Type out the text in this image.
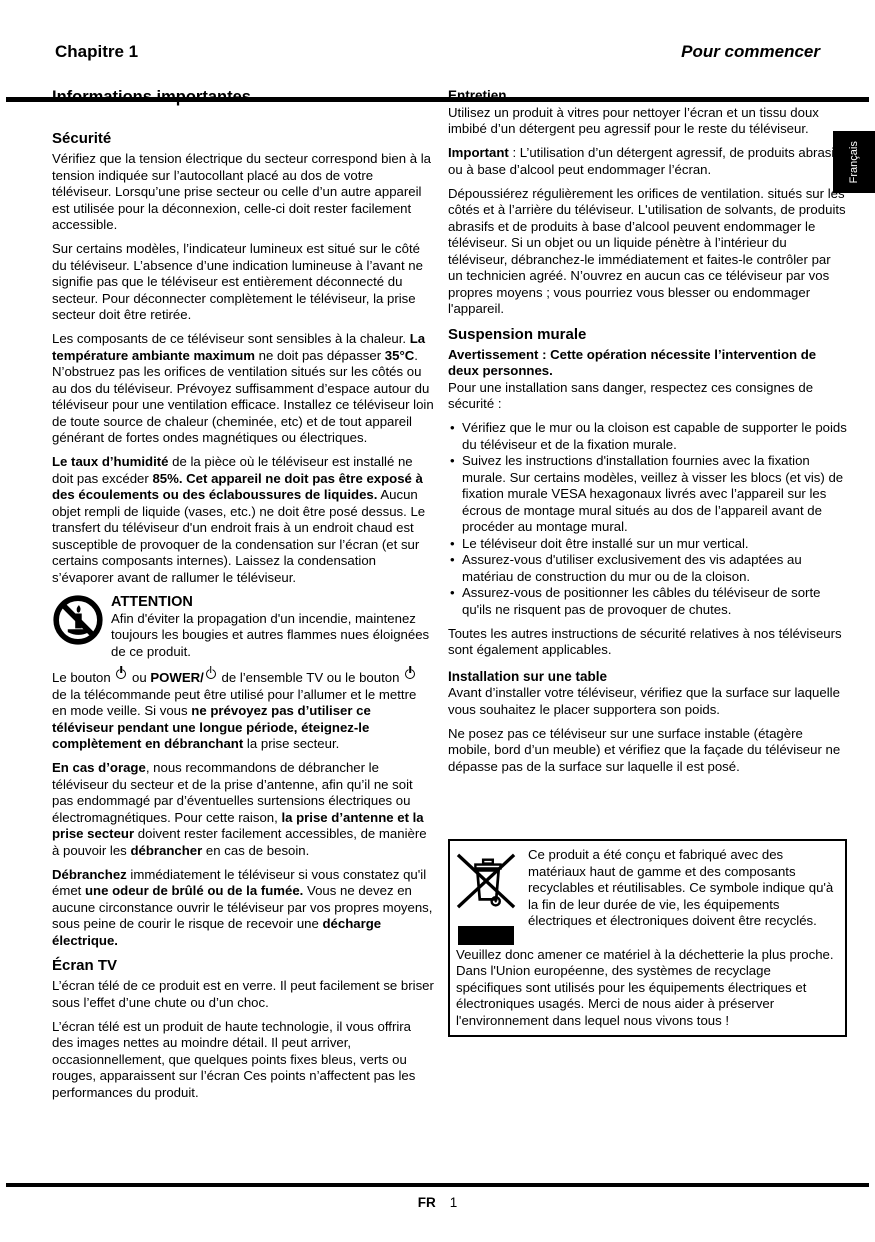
Chapitre 1	Pour commencer
Français
Informations importantes
Sécurité

Vérifiez que la tension électrique du secteur correspond bien à la tension indiquée sur l’autocollant placé au dos de votre téléviseur. Lorsqu’une prise secteur ou celle d’un autre appareil est utilisée pour la déconnexion, celle-ci doit rester facilement accessible.

Sur certains modèles, l’indicateur lumineux est situé sur le côté du téléviseur. L’absence d’une indication lumineuse à l’avant ne signifie pas que le téléviseur est entièrement déconnecté du secteur. Pour déconnecter complètement le téléviseur, la prise secteur doit être retirée.

Les composants de ce téléviseur sont sensibles à la chaleur. La température ambiante maximum ne doit pas dépasser 35°C. N’obstruez pas les orifices de ventilation situés sur les côtés ou au dos du téléviseur. Prévoyez suffisamment d’espace autour du téléviseur pour une ventilation efficace. Installez ce téléviseur loin de toute source de chaleur (cheminée, etc) et de tout appareil générant de fortes ondes magnétiques ou électriques.

Le taux d’humidité de la pièce où le téléviseur est installé ne doit pas excéder 85%. Cet appareil ne doit pas être exposé à des écoulements ou des éclaboussures de liquides. Aucun objet rempli de liquide (vases, etc.) ne doit être posé dessus. Le transfert du téléviseur d'un endroit frais à un endroit chaud est susceptible de provoquer de la condensation sur l’écran (et sur certains composants internes). Laissez la condensation s’évaporer avant de rallumer le téléviseur.

ATTENTION

Afin d'éviter la propagation d'un incendie, maintenez toujours les bougies et autres flammes nues éloignées de ce produit.

Le bouton  ou POWER/ de l’ensemble TV ou le bouton  de la télécommande peut être utilisé pour l’allumer et le mettre en mode veille. Si vous ne prévoyez pas d’utiliser ce téléviseur pendant une longue période, éteignez-le complètement en débranchant la prise secteur.

En cas d’orage, nous recommandons de débrancher le téléviseur du secteur et de la prise d’antenne, afin qu’il ne soit pas endommagé par d’éventuelles surtensions électriques ou électromagnétiques. Pour cette raison, la prise d’antenne et la prise secteur doivent rester facilement accessibles, de manière à pouvoir les débrancher en cas de besoin.

Débranchez immédiatement le téléviseur si vous constatez qu'il émet une odeur de brûlé ou de la fumée. Vous ne devez en aucune circonstance ouvrir le téléviseur par vos propres moyens, sous peine de courir le risque de recevoir une décharge électrique.

Écran TV

L’écran télé de ce produit est en verre. Il peut facilement se briser sous l’effet d’une chute ou d’un choc.

L’écran télé est un produit de haute technologie, il vous offrira des images nettes au moindre détail. Il peut arriver, occasionnellement, que quelques points fixes bleus, verts ou rouges, apparaissent sur l’écran Ces points n’affectent pas les performances du produit.

Entretien

Utilisez un produit à vitres pour nettoyer l’écran et un tissu doux imbibé d’un détergent peu agressif pour le reste du téléviseur.

Important : L’utilisation d’un détergent agressif, de produits abrasifs ou à base d’alcool peut endommager l’écran.

Dépoussiérez régulièrement les orifices de ventilation. situés sur les côtés et à l’arrière du téléviseur. L'utilisation de solvants, de produits abrasifs et de produits à base d’alcool peuvent endommager le téléviseur. Si un objet ou un liquide pénètre à l’intérieur du téléviseur, débranchez-le immédiatement et faites-le contrôler par un technicien agréé. N’ouvrez en aucun cas ce téléviseur par vos propres moyens ; vous pourriez vous blesser ou endommager l'appareil.

Suspension murale

Avertissement : Cette opération nécessite l’intervention de deux personnes.
Pour une installation sans danger, respectez ces consignes de sécurité :

• Vérifiez que le mur ou la cloison est capable de supporter le poids du téléviseur et de la fixation murale.
• Suivez les instructions d'installation fournies avec la fixation murale. Sur certains modèles, veillez à visser les blocs (et vis) de fixation murale VESA hexagonaux livrés avec l’appareil sur les écrous de montage mural situés au dos de l’appareil avant de procéder au montage mural.
• Le téléviseur doit être installé sur un mur vertical.
• Assurez-vous d'utiliser exclusivement des vis adaptées au matériau de construction du mur ou de la cloison.
• Assurez-vous de positionner les câbles du téléviseur de sorte qu'ils ne risquent pas de provoquer de chutes.

Toutes les autres instructions de sécurité relatives à nos téléviseurs sont également applicables.

Installation sur une table

Avant d’installer votre téléviseur, vérifiez que la surface sur laquelle vous souhaitez le placer supportera son poids.

Ne posez pas ce téléviseur sur une surface instable (étagère mobile, bord d’un meuble) et vérifiez que la façade du téléviseur ne dépasse pas de la surface sur laquelle il est posé.

Ce produit a été conçu et fabriqué avec des matériaux haut de gamme et des composants recyclables et réutilisables. Ce symbole indique qu'à la fin de leur durée de vie, les équipements électriques et électroniques doivent être recyclés.

Veuillez donc amener ce matériel à la déchetterie la plus proche. Dans l'Union européenne, des systèmes de recyclage spécifiques sont utilisés pour les équipements électriques et électroniques usagés. Merci de nous aider à préserver l'environnement dans lequel nous vivons tous !

FR 1
